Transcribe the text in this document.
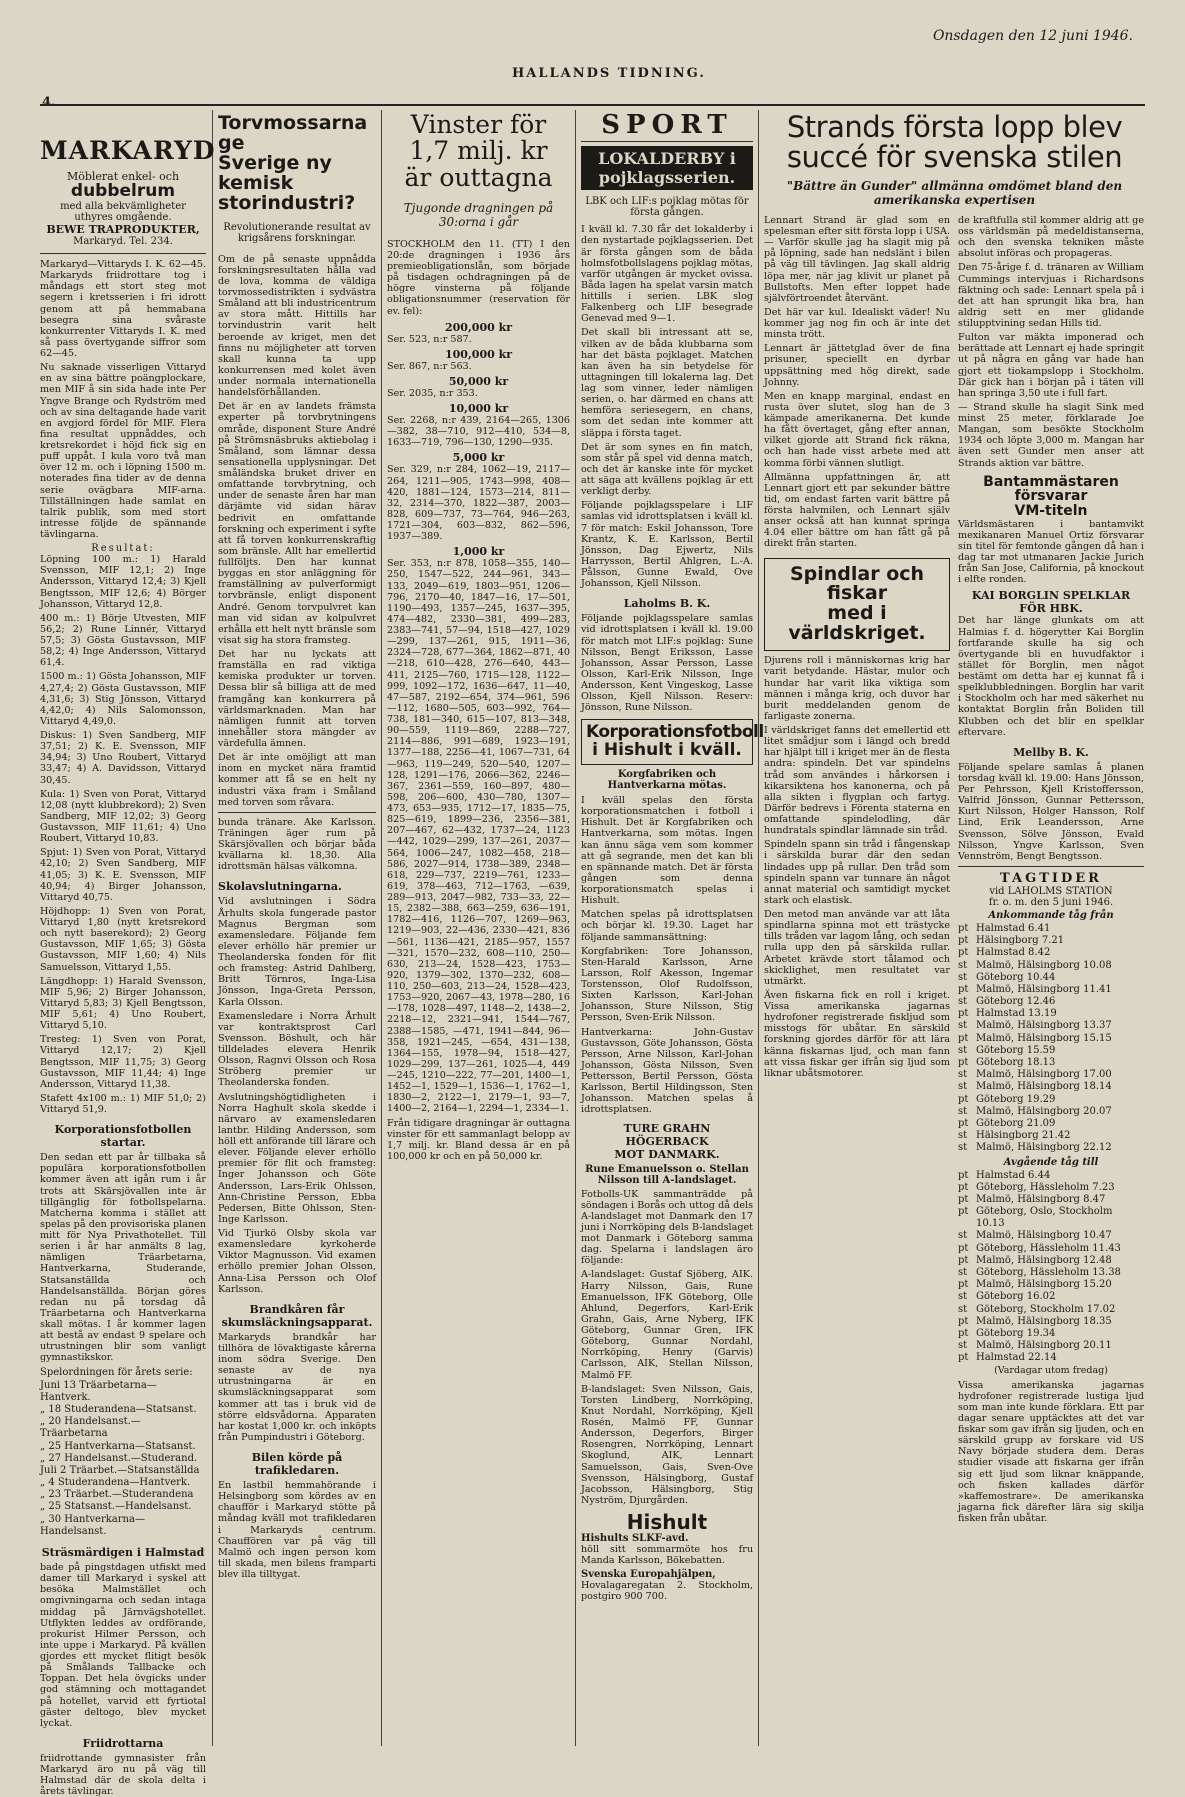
Onsdagen den 12 juni 1946.
HALLANDS TIDNING.
4.
MARKARYD
Möblerat enkel- och
dubbelrum
med alla bekvämligheter uthyres omgående.
BEWE TRAPRODUKTER,
Markaryd. Tel. 234.

Markaryd—Vittaryds I. K. 62—45. Markaryds friidrottare tog i måndags ett stort steg mot segern i kretsserien i fri idrott genom att på hemmabana besegra sina svåraste konkurrenter Vittaryds I. K. med så pass övertygande siffror som 62—45.

Nu saknade visserligen Vittaryd en av sina bättre poängplockare, men MIF å sin sida hade inte Per Yngve Brange och Rydström med och av sina deltagande hade varit en avgjord fördel för MIF. Flera fina resultat uppnåddes, och kretsrekordet i höjd fick sig en puff uppåt. I kula voro två man över 12 m. och i löpning 1500 m. noterades fina tider av de denna serie ovägbara MIF-arna. Tillställningen hade samlat en talrik publik, som med stort intresse följde de spännande tävlingarna.

Resultat:

Löpning 100 m.: 1) Harald Svensson, MIF 12,1; 2) Inge Andersson, Vittaryd 12,4; 3) Kjell Bengtsson, MIF 12,6; 4) Börger Johansson, Vittaryd 12,8.

400 m.: 1) Börje Utvesten, MIF 56,2; 2) Rune Linnér, Vittaryd 57,5; 3) Gösta Gustavsson, MIF 58,2; 4) Inge Andersson, Vittaryd 61,4.

1500 m.: 1) Gösta Johansson, MIF 4,27,4; 2) Gösta Gustavsson, MIF 4,31,6; 3) Stig Jönsson, Vittaryd 4,42,0; 4) Nils Salomonsson, Vittaryd 4,49,0.

Diskus: 1) Sven Sandberg, MIF 37,51; 2) K. E. Svensson, MIF 34,94; 3) Uno Roubert, Vittaryd 33,47; 4) A. Davidsson, Vittaryd 30,45.

Kula: 1) Sven von Porat, Vittaryd 12,08 (nytt klubbrekord); 2) Sven Sandberg, MIF 12,02; 3) Georg Gustavsson, MIF 11,61; 4) Uno Roubert, Vittaryd 10,83.

Spjut: 1) Sven von Porat, Vittaryd 42,10; 2) Sven Sandberg, MIF 41,05; 3) K. E. Svensson, MIF 40,94; 4) Birger Johansson, Vittaryd 40,75.

Höjdhopp: 1) Sven von Porat, Vittaryd 1,80 (nytt kretsrekord och nytt baserekord); 2) Georg Gustavsson, MIF 1,65; 3) Gösta Gustavsson, MIF 1,60; 4) Nils Samuelsson, Vittaryd 1,55.

Längdhopp: 1) Harald Svensson, MIF 5,96; 2) Birger Johansson, Vittaryd 5,83; 3) Kjell Bengtsson, MIF 5,61; 4) Uno Roubert, Vittaryd 5,10.

Tresteg: 1) Sven von Porat, Vittaryd 12,17; 2) Kjell Bengtsson, MIF 11,75; 3) Georg Gustavsson, MIF 11,44; 4) Inge Andersson, Vittaryd 11,38.

Stafett 4x100 m.: 1) MIF 51,0; 2) Vittaryd 51,9.

Korporationsfotbollen startar.

Den sedan ett par år tillbaka så populära korporationsfotbollen kommer även att igån rum i år trots att Skärsjövallen inte är tillgänglig för fotbollspelarna. Matcherna komma i stället att spelas på den provisoriska planen mitt för Nya Privathotellet. Till serien i år har anmälts 8 lag, nämligen Träarbetarna, Hantverkarna, Studerande, Statsanställda och Handelsanställda. Början göres redan nu på torsdag då Träarbetarna och Hantverkarna skall mötas. I år kommer lagen att bestå av endast 9 spelare och utrustningen blir som vanligt gymnastikskor.

Spelordningen för årets serie:
Juni 13 Träarbetarna—Hantverk.
„ 18 Studerandena—Statsanst.
„ 20 Handelsanst.—Träarbetarna
„ 25 Hantverkarna—Statsanst.
„ 27 Handelsanst.—Studerand.
Juli 2 Träarbet.—Statsanställda
„ 4 Studerandena—Hantverk.
„ 23 Träarbet.—Studerandena
„ 25 Statsanst.—Handelsanst.
„ 30 Hantverkarna—Handelsanst.
Sträsmärdigen i Halmstad

bade på pingstdagen utfiskt med damer till Markaryd i syskel att besöka Malmstället och omgivningarna och sedan intaga middag på Järnvägshotellet. Utflykten leddes av ordförande, prokurist Hilmer Persson, och inte uppe i Markaryd. På kvällen gjordes ett mycket flitigt besök på Smålands Tallbacke och Toppan. Det hela övgicks under god stämning och mottagandet på hotellet, varvid ett fyrtiotal gäster deltogo, blev mycket lyckat.

Friidrottarna

friidrottande gymnasister från Markaryd äro nu på väg till Halmstad där de skola delta i årets tävlingar.

Torvmossarna ge
Sverige ny kemisk
storindustri?
Revolutionerande resultat av krigsårens forskningar.

Om de på senaste uppnådda forskningsresultaten hålla vad de lova, komma de väldiga torvmossedistrikten i sydvästra Småland att bli industricentrum av stora mått. Hittills har torvindustrin varit helt beroende av kriget, men det finns nu möjligheter att torven skall kunna ta upp konkurrensen med kolet även under normala internationella handelsförhållanden.

Det är en av landets främsta experter på torvbrytningens område, disponent Sture André på Strömsnäsbruks aktiebolag i Småland, som lämnar dessa sensationella upplysningar. Det småländska bruket driver en omfattande torvbrytning, och under de senaste åren har man därjämte vid sidan härav bedrivit en omfattande forskning och experiment i syfte att få torven konkurrenskraftig som bränsle. Allt har emellertid fullföljts. Den har kunnat byggas en stor anläggning för framställning av pulverformigt torvbränsle, enligt disponent André. Genom torvpulvret kan man vid sidan av kolpulvret erhålla ett helt nytt bränsle som visat sig ha stora framsteg.

Det har nu lyckats att framställa en rad viktiga kemiska produkter ur torven. Dessa blir så billiga att de med framgång kan konkurrera på världsmarknaden. Man har nämligen funnit att torven innehåller stora mängder av värdefulla ämnen.

Det är inte omöjligt att man inom en mycket nära framtid kommer att få se en helt ny industri växa fram i Småland med torven som råvara.

bunda tränare. Ake Karlsson. Träningen äger rum på Skärsjövallen och börjar båda kvällarna kl. 18,30. Alla idrottsmän hälsas välkomna.

Skolavslutningarna.

Vid avslutningen i Södra Århults skola fungerade pastor Magnus Bergman som examensledare. Följande fem elever erhöllo här premier ur Theolanderska fonden för flit och framsteg: Astrid Dahlberg, Britt Törnros, Inga-Lisa Jönsson, Inga-Greta Persson, Karla Olsson.

Examensledare i Norra Århult var kontraktsprost Carl Svensson. Böshult, och här tilldelades elevera Henrik Olsson, Ragnvi Olsson och Rosa Ströberg premier ur Theolanderska fonden.

Avslutningshögtidligheten i Norra Haghult skola skedde i närvaro av examensledaren lantbr. Hilding Andersson, som höll ett anförande till lärare och elever. Följande elever erhöllo premier för flit och framsteg: Inger Johansson och Göte Andersson, Lars-Erik Ohlsson, Ann-Christine Persson, Ebba Pedersen, Bitte Ohlsson, Sten-Inge Karlsson.

Vid Tjurkö Olsby skola var examensledare kyrkoherde Viktor Magnusson. Vid examen erhöllo premier Johan Olsson, Anna-Lisa Persson och Olof Karlsson.

Brandkåren får skumsläckningsapparat.

Markaryds brandkår har tillhöra de lövaktigaste kårerna inom södra Sverige. Den senaste av de nya utrustningarna är en skumsläckningsapparat som kommer att tas i bruk vid de större eldsvådorna. Apparaten har kostat 1,000 kr. och inköpts från Pumpindustri i Göteborg.

Bilen körde på trafikledaren.

En lastbil hemmahörande i Helsingborg som kördes av en chaufför i Markaryd stötte på måndag kväll mot trafikledaren i Markaryds centrum. Chauffören var på väg till Malmö och ingen person kom till skada, men bilens framparti blev illa tilltygat.

Vinster för
1,7 milj. kr
är outtagna
Tjugonde dragningen på 30:orna i går

STOCKHOLM den 11. (TT) I den 20:de dragningen i 1936 års premieobligationslån, som började på tisdagen ochdragningen på de högre vinsterna på följande obligationsnummer (reservation för ev. fel):

200,000 kr

Ser. 523, n:r 587.

100,000 kr

Ser. 867, n:r 563.

50,000 kr

Ser. 2035, n:r 353.

10,000 kr

Ser. 2268, n:r 439, 2164—265, 1306—382, 38—710, 912—410, 534—8, 1633—719, 796—130, 1290—935.

5,000 kr

Ser. 329, n:r 284, 1062—19, 2117—264, 1211—905, 1743—998, 408—420, 1881—124, 1573—214, 811—32, 2314—370, 1822—387, 2003—828, 609—737, 73—764, 946—263, 1721—304, 603—832, 862—596, 1937—389.

1,000 kr

Ser. 353, n:r 878, 1058—355, 140—250, 1547—522, 244—961, 343—133, 2049—619, 1803—951, 1206—796, 2170—40, 1847—16, 17—501, 1190—493, 1357—245, 1637—395, 474—482, 2330—381, 499—283, 2383—741, 57—94, 1518—427, 1029—299, 137—261, 915, 1911—36, 2324—728, 677—364, 1862—871, 40—218, 610—428, 276—640, 443—411, 2125—760, 1715—128, 1122—999, 1092—172, 1636—647, 11—40, 47—587, 2192—654, 374—961, 596—112, 1680—505, 603—992, 764—738, 181—340, 615—107, 813—348, 90—559, 1119—869, 2288—727, 2114—886, 991—689, 1923—191, 1377—188, 2256—41, 1067—731, 64—963, 119—249, 520—540, 1207—128, 1291—176, 2066—362, 2246—367, 2361—559, 160—897, 480—598, 206—600, 430—780, 1307—473, 653—935, 1712—17, 1835—75, 825—619, 1899—236, 2356—381, 207—467, 62—432, 1737—24, 1123—442, 1029—299, 137—261, 2037—564, 1006—247, 1082—458, 218—586, 2027—914, 1738—389, 2348—618, 229—737, 2219—761, 1233—619, 378—463, 712—1763, —639, 289—913, 2047—982, 733—33, 22—15, 2382—388, 663—259, 636—191, 1782—416, 1126—707, 1269—963, 1219—903, 22—436, 2330—421, 836—561, 1136—421, 2185—957, 1557—321, 1570—232, 608—110, 250—630, 213—24, 1528—423, 1753—920, 1379—302, 1370—232, 608—110, 250—603, 213—24, 1528—423, 1753—920, 2067—43, 1978—280, 16—178, 1028—497, 1148—2, 1438—2, 2218—12, 2321—941, 1544—767, 2388—1585, —471, 1941—844, 96—358, 1921—245, —654, 431—138, 1364—155, 1978—94, 1518—427, 1029—299, 137—261, 1025—4, 449—245, 1210—222, 77—201, 1400—1, 1452—1, 1529—1, 1536—1, 1762—1, 1830—2, 2122—1, 2179—1, 93—7, 1400—2, 2164—1, 2294—1, 2334—1.

Från tidigare dragningar är outtagna vinster för ett sammanlagt belopp av 1,7 milj. kr. Bland dessa är en på 100,000 kr och en på 50,000 kr.

SPORT
LOKALDERBY i pojklagsserien.
LBK och LIF:s pojklag mötas för första gången.

I kväll kl. 7.30 får det lokalderby i den nystartade pojklagsserien. Det är första gången som de båda holmsfotbollslagens pojklag mötas, varför utgången är mycket ovissa. Båda lagen ha spelat varsin match hittills i serien. LBK slog Falkenberg och LIF besegrade Genevad med 9—1.

Det skall bli intressant att se, vilken av de båda klubbarna som har det bästa pojklaget. Matchen kan även ha sin betydelse för uttagningen till lokalerna lag. Det lag som vinner, leder nämligen serien, o. har därmed en chans att hemföra seriesegern, en chans, som det sedan inte kommer att släppa i första taget.

Det är som synes en fin match, som står på spel vid denna match, och det är kanske inte för mycket att säga att kvällens pojklag är ett verkligt derby.

Följande pojklagsspelare i LIF samlas vid idrottsplatsen i kväll kl. 7 för match: Eskil Johansson, Tore Krantz, K. E. Karlsson, Bertil Jönsson, Dag Ejwertz, Nils Harrysson, Bertil Ahlgren, L.-A. Pålsson, Gunne Ewald, Ove Johansson, Kjell Nilsson.

Laholms B. K.

Följande pojklagsspelare samlas vid idrottsplatsen i kväll kl. 19.00 för match mot LIF:s pojklag: Sune Nilsson, Bengt Eriksson, Lasse Johansson, Assar Persson, Lasse Olsson, Karl-Erik Nilsson, Inge Andersson, Kent Vingeskog, Lasse Olsson, Kjell Nilsson. Reserv: Jönsson, Rune Nilsson.

Korporationsfotboll
i Hishult i kväll.
Korgfabriken och Hantverkarna mötas.

I kväll spelas den första korporationsmatchen i fotboll i Hishult. Det är Korgfabriken och Hantverkarna, som mötas. Ingen kan ännu säga vem som kommer att gå segrande, men det kan bli en spännande match. Det är första gången som denna korporationsmatch spelas i Hishult.

Matchen spelas på idrottsplatsen och börjar kl. 19.30. Laget har följande sammansättning:

Korgfabriken: Tore Johansson, Sten-Harald Karlsson, Arne Larsson, Rolf Akesson, Ingemar Torstensson, Olof Rudolfsson, Sixten Karlsson, Karl-Johan Johansson, Sture Nilsson, Stig Persson, Sven-Erik Nilsson.

Hantverkarna: John-Gustav Gustavsson, Göte Johansson, Gösta Persson, Arne Nilsson, Karl-Johan Johansson, Gösta Nilsson, Sven Pettersson, Bertil Persson, Gösta Karlsson, Bertil Hildingsson, Sten Johansson. Matchen spelas å idrottsplatsen.

TURE GRAHN HÖGERBACK
MOT DANMARK.
Rune Emanuelsson o. Stellan Nilsson till A-landslaget.

Fotbolls-UK sammanträdde på söndagen i Borås och uttog då dels A-landslaget mot Danmark den 17 juni i Norrköping dels B-landslaget mot Danmark i Göteborg samma dag. Spelarna i landslagen äro följande:

A-landslaget: Gustaf Sjöberg, AIK. Harry Nilsson, Gais, Rune Emanuelsson, IFK Göteborg, Olle Ahlund, Degerfors, Karl-Erik Grahn, Gais, Arne Nyberg, IFK Göteborg, Gunnar Gren, IFK Göteborg, Gunnar Nordahl, Norrköping, Henry (Garvis) Carlsson, AIK, Stellan Nilsson, Malmö FF.

B-landslaget: Sven Nilsson, Gais, Torsten Lindberg, Norrköping, Knut Nordahl, Norrköping, Kjell Rosén, Malmö FF, Gunnar Andersson, Degerfors, Birger Rosengren, Norrköping, Lennart Skoglund, AIK, Lennart Samuelsson, Gais, Sven-Ove Svensson, Hälsingborg, Gustaf Jacobsson, Hälsingborg, Stig Nyström, Djurgården.

Hishult
Hishults SLKF-avd.

höll sitt sommarmöte hos fru Manda Karlsson, Bökebatten.

Svenska Europahjälpen,

Hovalagaregatan 2. Stockholm, postgiro 900 700.

Strands första lopp blev
succé för svenska stilen
"Bättre än Gunder" allmänna omdömet bland den amerikanska expertisen

Lennart Strand är glad som en spelesman efter sitt första lopp i USA. — Varför skulle jag ha slagit mig på på löpning, sade han nedslänt i bilen på väg till tävlingen. Jag skall aldrig löpa mer, när jag klivit ur planet på Bullstofts. Men efter loppet hade självförtroendet återvänt.

Det här var kul. Idealiskt väder! Nu kommer jag nog fin och är inte det minsta trött.

Lennart är jättetglad över de fina prisuner, speciellt en dyrbar uppsättning med hög direkt, sade Johnny.

Men en knapp marginal, endast en rusta över slutet, slog han de 3 kämpade amerikanerna. Det kunde ha fått övertaget, gång efter annan, vilket gjorde att Strand fick räkna, och han hade visst arbete med att komma förbi vännen slutligt.

Allmänna uppfattningen är, att Lennart gjort ett par sekunder bättre tid, om endast farten varit bättre på första halvmilen, och Lennart själv anser också att han kunnat springa 4.04 eller bättre om han fått gå på direkt från starten.

Spindlar och fiskar
med i världskriget.

Djurens roll i människornas krig har varit betydande. Hästar, mulor och hundar har varit lika viktiga som männen i många krig, och duvor har burit meddelanden genom de farligaste zonerna.

I världskriget fanns det emellertid ett litet smådjur som i längd och bredd har hjälpt till i kriget mer än de flesta andra: spindeln. Det var spindelns tråd som användes i hårkorsen i kikarsiktena hos kanonerna, och på alla sikten i flygplan och fartyg. Därför bedrevs i Förenta staterna en omfattande spindelodling, där hundratals spindlar lämnade sin tråd.

Spindeln spann sin tråd i fångenskap i särskilda burar där den sedan lindades upp på rullar. Den tråd som spindeln spann var tunnare än något annat material och samtidigt mycket stark och elastisk.

Den metod man använde var att låta spindlarna spinna mot ett trästycke tills tråden var lagom lång, och sedan rulla upp den på särskilda rullar. Arbetet krävde stort tålamod och skicklighet, men resultatet var utmärkt.

Även fiskarna fick en roll i kriget. Vissa amerikanska jagarnas hydrofoner registrerade fiskljud som misstogs för ubåtar. En särskild forskning gjordes därför för att lära känna fiskarnas ljud, och man fann att vissa fiskar ger ifrån sig ljud som liknar ubåtsmotorer.

de kraftfulla stil kommer aldrig att ge oss världsmän på medeldistanserna, och den svenska tekniken måste absolut införas och propageras.

Den 75-årige f. d. tränaren av William Cummings intervjuas i Richardsons fäktning och sade: Lennart spela på i det att han sprungit lika bra, han aldrig sett en mer glidande stilupptvining sedan Hills tid.

Fulton var mäkta imponerad och berättade att Lennart ej hade springit ut på några en gång var hade han gjort ett tiokampslopp i Stockholm. Där gick han i början på i täten vill han springa 3,50 ute i full fart.

— Strand skulle ha slagit Sink med minst 25 meter, förklarade Joe Mangan, som besökte Stockholm 1934 och löpte 3,000 m. Mangan har även sett Gunder men anser att Strands aktion var bättre.

Bantammästaren försvarar
VM-titeln

Världsmästaren i bantamvikt mexikanaren Manuel Ortiz försvarar sin titel för femtonde gången då han i dag tar mot utmanaren Jackie Jurich från San Jose, California, på knockout i elfte ronden.

KAI BORGLIN SPELKLAR
FÖR HBK.

Det har länge glunkats om att Halmias f. d. högerytter Kai Borglin fortfarande skulle ha sig och övertygande bli en huvudfaktor i stället för Borglin, men något bestämt om detta har ej kunnat få i spelklubbledningen. Borglin har varit i Stockholm och har med säkerhet nu kontaktat Borglin från Boliden till Klubben och det blir en spelklar eftervare.

Mellby B. K.

Följande spelare samlas å planen torsdag kväll kl. 19.00: Hans Jönsson, Per Pehrsson, Kjell Kristoffersson, Valfrid Jönsson, Gunnar Pettersson, Kurt Nilsson, Holger Hansson, Rolf Lind, Erik Leandersson, Arne Svensson, Sölve Jönsson, Evald Nilsson, Yngve Karlsson, Sven Vennström, Bengt Bengtsson.

TAGTIDER
vid LAHOLMS STATION
fr. o. m. den 5 juni 1946.
Ankommande tåg från
pt Halmstad 6.41
pt Hälsingborg 7.21
pt Halmstad 8.42
st Malmö, Hälsingborg 10.08
st Göteborg 10.44
pt Malmö, Hälsingborg 11.41
st Göteborg 12.46
pt Halmstad 13.19
st Malmö, Hälsingborg 13.37
pt Malmö, Hälsingborg 15.15
st Göteborg 15.59
pt Göteborg 18.13
st Malmö, Hälsingborg 17.00
st Malmö, Hälsingborg 18.14
pt Göteborg 19.29
st Malmö, Hälsingborg 20.07
pt Göteborg 21.09
st Hälsingborg 21.42
st Malmö, Hälsingborg 22.12
Avgående tåg till
pt Halmstad 6.44
pt Göteborg, Hässleholm 7.23
pt Malmö, Hälsingborg 8.47
pt Göteborg, Oslo, Stockholm 10.13
st Malmö, Hälsingborg 10.47
pt Göteborg, Hässleholm 11.43
pt Malmö, Hälsingborg 12.48
st Göteborg, Hässleholm 13.38
pt Malmö, Hälsingborg 15.20
st Göteborg 16.02
st Göteborg, Stockholm 17.02
pt Malmö, Hälsingborg 18.35
pt Göteborg 19.34
st Malmö, Hälsingborg 20.11
pt Halmstad 22.14
(Vardagar utom fredag)

Vissa amerikanska jagarnas hydrofoner registrerade lustiga ljud som man inte kunde förklara. Ett par dagar senare upptäcktes att det var fiskar som gav ifrån sig ljuden, och en särskild grupp av forskare vid US Navy började studera dem. Deras studier visade att fiskarna ger ifrån sig ett ljud som liknar knäppande, och fisken kallades därför »kaffemostrare». De amerikanska jagarna fick därefter lära sig skilja fisken från ubåtar.
